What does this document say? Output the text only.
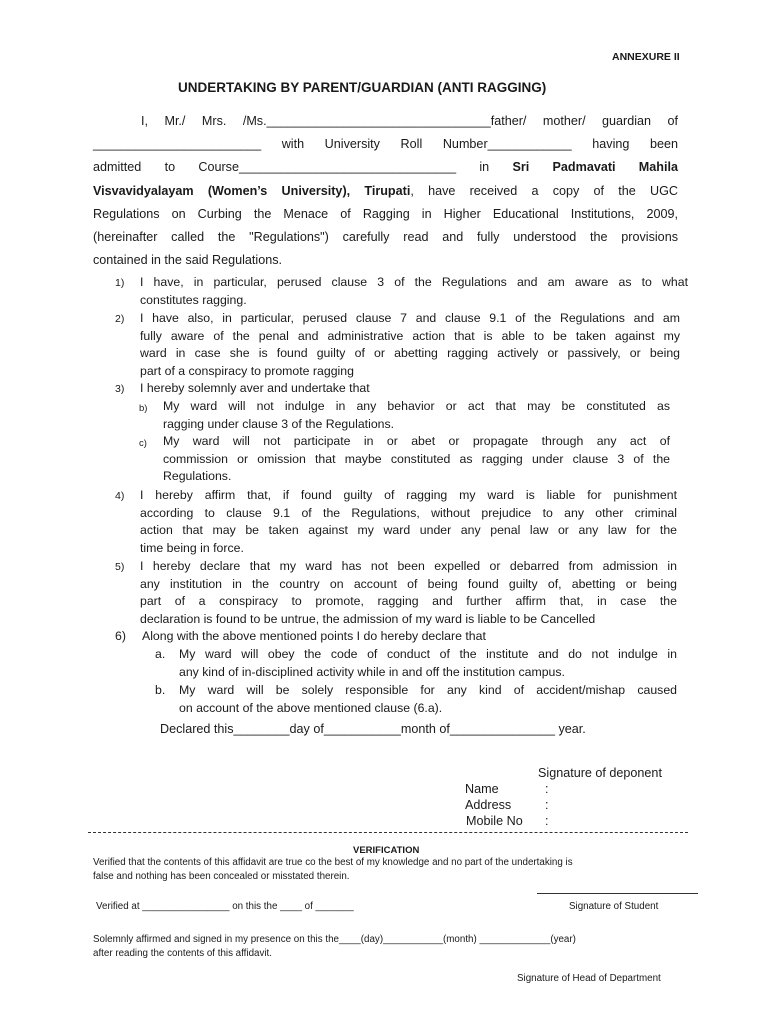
ANNEXURE II
UNDERTAKING BY PARENT/GUARDIAN (ANTI RAGGING)
I, Mr./ Mrs. /Ms.________________________________father/ mother/ guardian of
________________________ with University Roll Number____________ having been
admitted to Course_______________________________ in Sri Padmavati Mahila
Visvavidyalayam (Women’s University), Tirupati, have received a copy of the UGC
Regulations on Curbing the Menace of Ragging in Higher Educational Institutions, 2009,
(hereinafter called the "Regulations") carefully read and fully understood the provisions
contained in the said Regulations.
1) I have, in particular, perused clause 3 of the Regulations and am aware as to what
constitutes ragging.
2) I have also, in particular, perused clause 7 and clause 9.1 of the Regulations and am
fully aware of the penal and administrative action that is able to be taken against my
ward in case she is found guilty of or abetting ragging actively or passively, or being
part of a conspiracy to promote ragging
3) I hereby solemnly aver and undertake that
b) My ward will not indulge in any behavior or act that may be constituted as
ragging under clause 3 of the Regulations.
c) My ward will not participate in or abet or propagate through any act of
commission or omission that maybe constituted as ragging under clause 3 of the
Regulations.
4) I hereby affirm that, if found guilty of ragging my ward is liable for punishment
according to clause 9.1 of the Regulations, without prejudice to any other criminal
action that may be taken against my ward under any penal law or any law for the
time being in force.
5) I hereby declare that my ward has not been expelled or debarred from admission in
any institution in the country on account of being found guilty of, abetting or being
part of a conspiracy to promote, ragging and further affirm that, in case the
declaration is found to be untrue, the admission of my ward is liable to be Cancelled
6) Along with the above mentioned points I do hereby declare that
a. My ward will obey the code of conduct of the institute and do not indulge in
any kind of in-disciplined activity while in and off the institution campus.
b. My ward will be solely responsible for any kind of accident/mishap caused
on account of the above mentioned clause (6.a).
Declared this________day of___________month of_______________ year.
Signature of deponent
Name	:
Address	:
Mobile No :
VERIFICATION
Verified that the contents of this affidavit are true co the best of my knowledge and no part of the undertaking is
false and nothing has been concealed or misstated therein.
Verified at ________________ on this the ____ of _______	Signature of Student
Solemnly affirmed and signed in my presence on this the____(day)___________(month) _____________(year)
after reading the contents of this affidavit.
Signature of Head of Department
